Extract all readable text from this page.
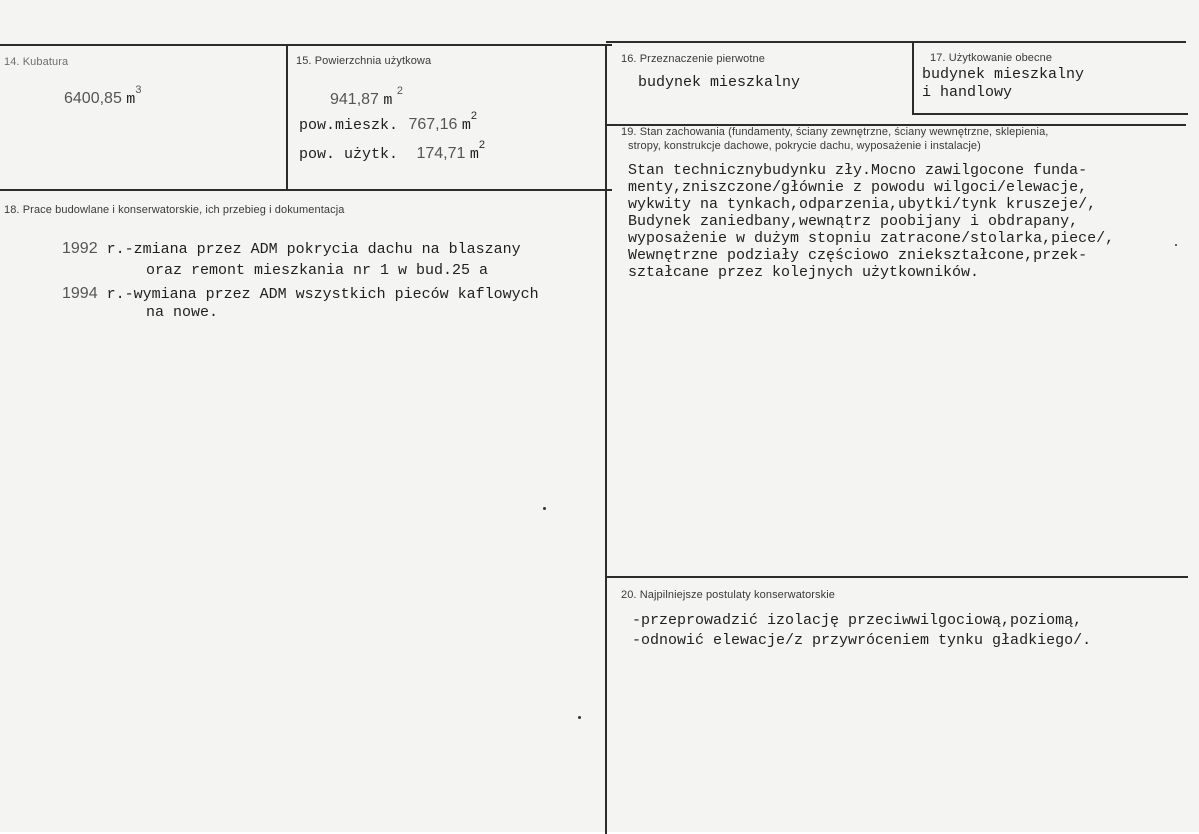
14. Kubatura
6400,85 $m^3$
15. Powierzchnia użytkowa
941,87 m $^2$
pow.mieszk. 767,16 $m^2$
pow. użytk. 174,71 $m^2$
16. Przeznaczenie pierwotne
budynek mieszkalny
17. Użytkowanie obecne
budynek mieszkalny
i handlowy
18. Prace budowlane i konserwatorskie, ich przebieg i dokumentacja
1992 r.-zmiana przez ADM pokrycia dachu na blaszany
oraz remont mieszkania nr 1 w bud.25 a
1994 r.-wymiana przez ADM wszystkich pieców kaflowych
na nowe.
19. Stan zachowania (fundamenty, ściany zewnętrzne, ściany wewnętrzne, sklepienia,
stropy, konstrukcje dachowe, pokrycie dachu, wyposażenie i instalacje)
Stan technicznybudynku zły.Mocno zawilgocone funda-
menty,zniszczone/głównie z powodu wilgoci/elewacje,
wykwity na tynkach,odparzenia,ubytki/tynk kruszeje/,
Budynek zaniedbany,wewnątrz poobijany i obdrapany,
wyposażenie w dużym stopniu zatracone/stolarka,piece/,
Wewnętrzne podziały częściowo zniekształcone,przek-
ształcane przez kolejnych użytkowników.
20. Najpilniejsze postulaty konserwatorskie
-przeprowadzić izolację przeciwwilgociową,poziomą,
-odnowić elewacje/z przywróceniem tynku gładkiego/.
